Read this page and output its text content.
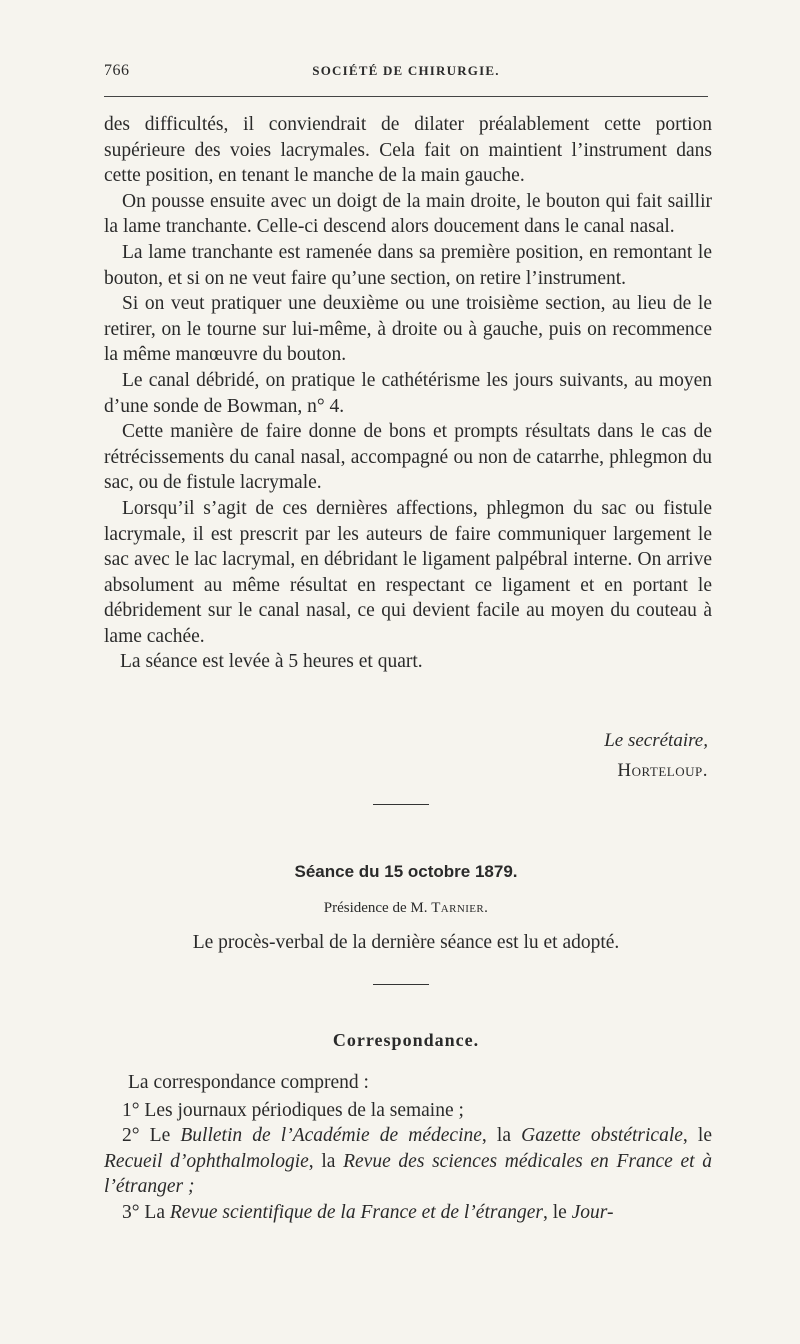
766	SOCIÉTÉ DE CHIRURGIE.

des difficultés, il conviendrait de dilater préalablement cette portion supérieure des voies lacrymales. Cela fait on maintient l’instrument dans cette position, en tenant le manche de la main gauche.

On pousse ensuite avec un doigt de la main droite, le bouton qui fait saillir la lame tranchante. Celle-ci descend alors doucement dans le canal nasal.

La lame tranchante est ramenée dans sa première position, en remontant le bouton, et si on ne veut faire qu’une section, on retire l’instrument.

Si on veut pratiquer une deuxième ou une troisième section, au lieu de le retirer, on le tourne sur lui-même, à droite ou à gauche, puis on recommence la même manœuvre du bouton.

Le canal débridé, on pratique le cathétérisme les jours suivants, au moyen d’une sonde de Bowman, n° 4.

Cette manière de faire donne de bons et prompts résultats dans le cas de rétrécissements du canal nasal, accompagné ou non de catarrhe, phlegmon du sac, ou de fistule lacrymale.

Lorsqu’il s’agit de ces dernières affections, phlegmon du sac ou fistule lacrymale, il est prescrit par les auteurs de faire communiquer largement le sac avec le lac lacrymal, en débridant le ligament palpébral interne. On arrive absolument au même résultat en respectant ce ligament et en portant le débridement sur le canal nasal, ce qui devient facile au moyen du couteau à lame cachée.

La séance est levée à 5 heures et quart.

Le secrétaire,
Horteloup.
Séance du 15 octobre 1879.
Présidence de M. Tarnier.
Le procès-verbal de la dernière séance est lu et adopté.
Correspondance.

La correspondance comprend :

1° Les journaux périodiques de la semaine ;

2° Le Bulletin de l’Académie de médecine, la Gazette obstétricale, le Recueil d’ophthalmologie, la Revue des sciences médicales en France et à l’étranger ;

3° La Revue scientifique de la France et de l’étranger, le Jour-
